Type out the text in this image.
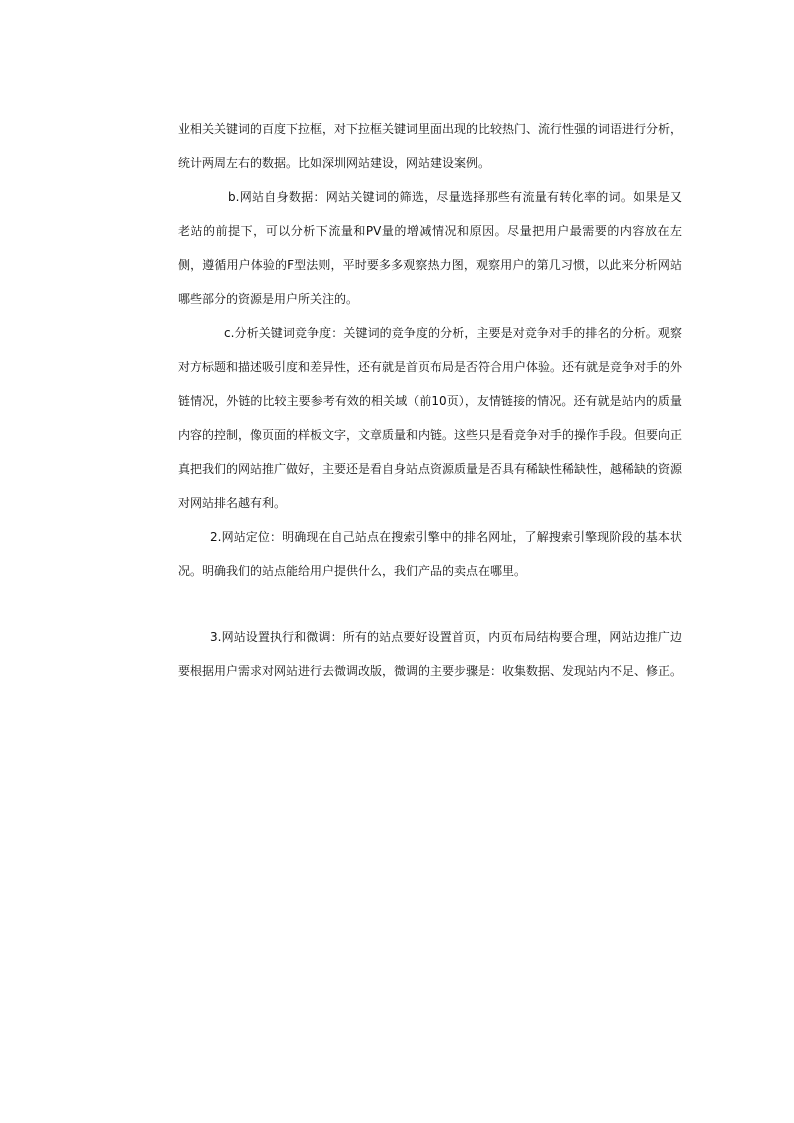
业相关关键词的百度下拉框，对下拉框关键词里面出现的比较热门、流行性强的词语进行分析，统计两周左右的数据。比如深圳网站建设，网站建设案例。

b.网站自身数据：网站关键词的筛选，尽量选择那些有流量有转化率的词。如果是又老站的前提下，可以分析下流量和PV量的增减情况和原因。尽量把用户最需要的内容放在左侧，遵循用户体验的F型法则，平时要多多观察热力图，观察用户的第几习惯，以此来分析网站哪些部分的资源是用户所关注的。

c.分析关键词竞争度：关键词的竞争度的分析，主要是对竞争对手的排名的分析。观察对方标题和描述吸引度和差异性，还有就是首页布局是否符合用户体验。还有就是竞争对手的外链情况，外链的比较主要参考有效的相关域（前10页），友情链接的情况。还有就是站内的质量内容的控制，像页面的样板文字，文章质量和内链。这些只是看竞争对手的操作手段。但要向正真把我们的网站推广做好，主要还是看自身站点资源质量是否具有稀缺性稀缺性，越稀缺的资源对网站排名越有利。

2.网站定位：明确现在自己站点在搜索引擎中的排名网址，了解搜索引擎现阶段的基本状况。明确我们的站点能给用户提供什么，我们产品的卖点在哪里。

3.网站设置执行和微调：所有的站点要好设置首页，内页布局结构要合理，网站边推广边要根据用户需求对网站进行去微调改版，微调的主要步骤是：收集数据、发现站内不足、修正。
